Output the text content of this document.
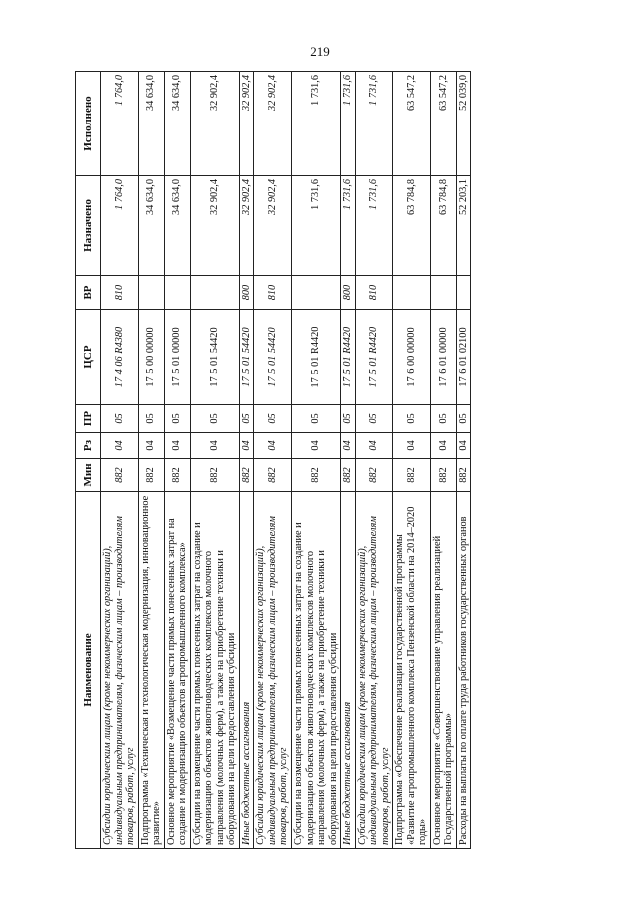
219
Наименование	Мин	Рз	ПР	ЦСР	ВР	Назначено	Исполнено
Субсидии юридическим лицам (кроме некоммерческих организаций), индивидуальным предпринимателям, физическим лицам – производителям товаров, работ, услуг	882	04	05	17 4 06 R4380	810	1 764,0	1 764,0
Подпрограмма «Техническая и технологическая модернизация, инновационное развитие»	882	04	05	17 5 00 00000		34 634,0	34 634,0
Основное мероприятие «Возмещение части прямых понесенных затрат на создание и модернизацию объектов агропромышленного комплекса»	882	04	05	17 5 01 00000		34 634,0	34 634,0
Субсидии на возмещение части прямых понесенных затрат на создание и модернизацию объектов животноводческих комплексов молочного направления (молочных ферм), а также на приобретение техники и оборудования на цели предоставления субсидии	882	04	05	17 5 01 54420		32 902,4	32 902,4
Иные бюджетные ассигнования	882	04	05	17 5 01 54420	800	32 902,4	32 902,4
Субсидии юридическим лицам (кроме некоммерческих организаций), индивидуальным предпринимателям, физическим лицам – производителям товаров, работ, услуг	882	04	05	17 5 01 54420	810	32 902,4	32 902,4
Субсидии на возмещение части прямых понесенных затрат на создание и модернизацию объектов животноводческих комплексов молочного направления (молочных ферм), а также на приобретение техники и оборудования на цели предоставления субсидии	882	04	05	17 5 01 R4420		1 731,6	1 731,6
Иные бюджетные ассигнования	882	04	05	17 5 01 R4420	800	1 731,6	1 731,6
Субсидии юридическим лицам (кроме некоммерческих организаций), индивидуальным предпринимателям, физическим лицам – производителям товаров, работ, услуг	882	04	05	17 5 01 R4420	810	1 731,6	1 731,6
Подпрограмма «Обеспечение реализации государственной программы «Развитие агропромышленного комплекса Пензенской области на 2014–2020 годы»	882	04	05	17 6 00 00000		63 784,8	63 547,2
Основное мероприятие «Совершенствование управления реализацией Государственной программы»	882	04	05	17 6 01 00000		63 784,8	63 547,2
Расходы на выплаты по оплате труда работников государственных органов	882	04	05	17 6 01 02100		52 203,1	52 039,0
